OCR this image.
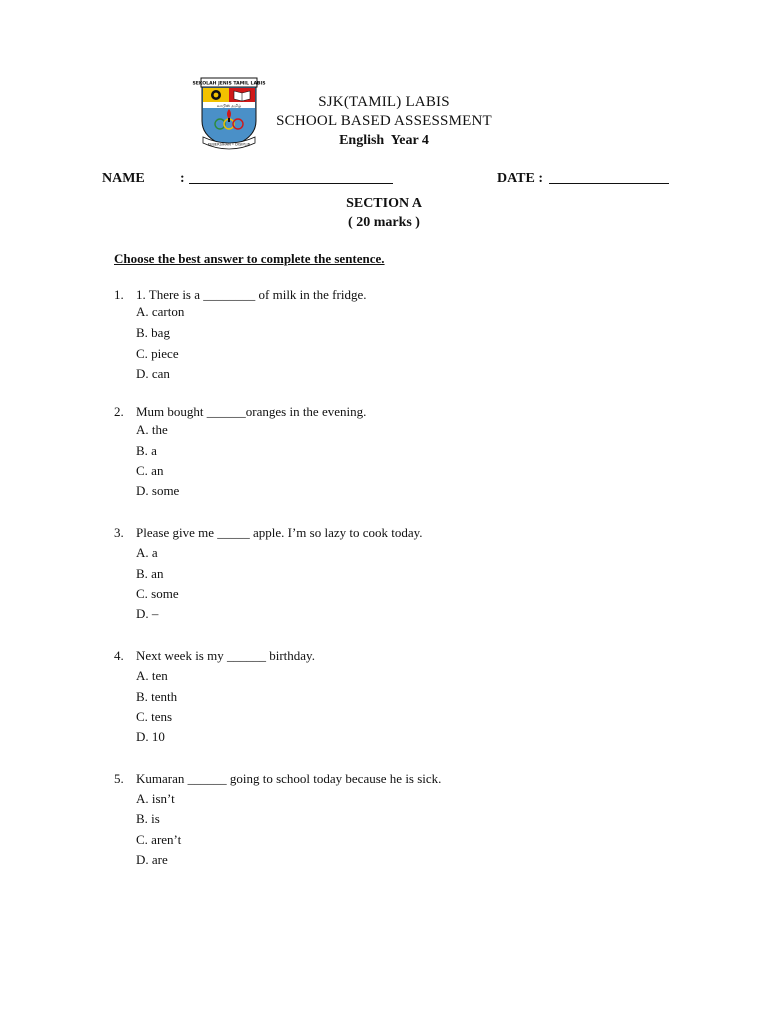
SEKOLAH JENIS TAMIL LABIS
லாபிஸ் தமிழ்
KEBERSIHAN • DISIPLIN
SJK(TAMIL) LABIS
SCHOOL BASED ASSESSMENT
English  Year 4
NAME	:	DATE :
SECTION A
( 20 marks )
Choose the best answer to complete the sentence.
1. 1. There is a ________ of milk in the fridge.
A. carton
B. bag
C. piece
D. can
2. Mum bought ______oranges in the evening.
A. the
B. a
C. an
D. some
3. Please give me _____ apple. I’m so lazy to cook today.
A. a
B. an
C. some
D. –
4. Next week is my ______ birthday.
A. ten
B. tenth
C. tens
D. 10
5. Kumaran ______ going to school today because he is sick.
A. isn’t
B. is
C. aren’t
D. are
